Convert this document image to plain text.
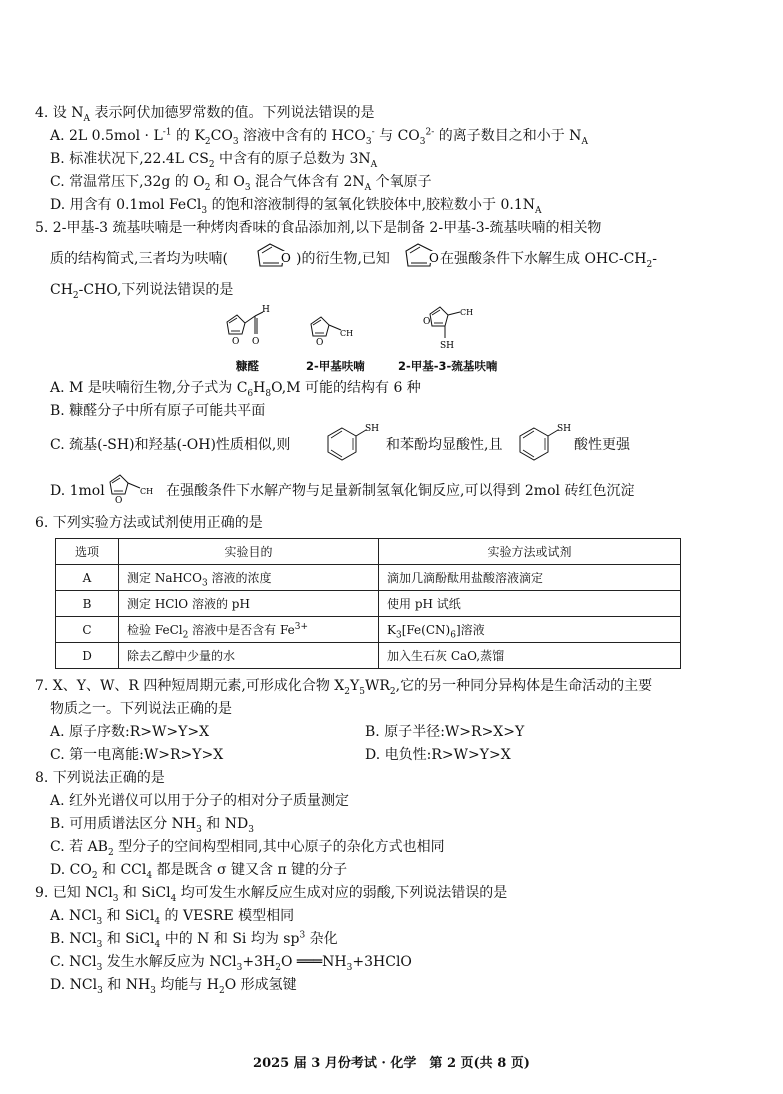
4. 设 $N_A$ 表示阿伏加德罗常数的值。下列说法错误的是
A. 2L $0.5mol \cdot L^{-1}$ 的 $K_2CO_3$ 溶液中含有的 $HCO_3^-$ 与 $CO_3^{2-}$ 的离子数目之和小于 $N_A$
B. 标准状况下,22.4L $CS_2$ 中含有的原子总数为 $3N_A$
C. 常温常压下,32g 的 $O_2$ 和 $O_3$ 混合气体含有 $2N_A$ 个氧原子
D. 用含有 0.1mol FeCl$_3$ 的饱和溶液制得的氢氧化铁胶体中,胶粒数小于 $0.1N_A$
5. 2-甲基-3 巯基呋喃是一种烤肉香味的食品添加剂,以下是制备 2-甲基-3-巯基呋喃的相关物
质的结构简式,三者均为呋喃(	O )的衍生物,已知	O 在强酸条件下水解生成 OHC-$CH_2-$
$CH_2$-CHO,下列说法错误的是
H
O
O
CH
O
CH
SH
O
糠醛	2-甲基呋喃	2-甲基-3-巯基呋喃
A. M 是呋喃衍生物,分子式为 $C_6H_8O,M$ 可能的结构有 6 种
B. 糠醛分子中所有原子可能共平面
C. 巯基(-SH)和羟基(-OH)性质相似,则
SH
和苯酚均显酸性,且
SH
酸性更强
D. 1mol	CH
O
在强酸条件下水解产物与足量新制氢氧化铜反应,可以得到 2mol 砖红色沉淀
6. 下列实验方法或试剂使用正确的是
选项	实验目的	实验方法或试剂
A	测定 NaHCO$_3$ 溶液的浓度	滴加几滴酚酞用盐酸溶液滴定
B	测定 HClO 溶液的 pH	使用 pH 试纸
C	检验 FeCl$_2$ 溶液中是否含有 $Fe^{3+}$	$K_3[Fe(CN)_6]$溶液
D	除去乙醇中少量的水	加入生石灰 CaO,蒸馏
7. X、Y、W、R 四种短周期元素,可形成化合物 $X_2Y_5WR_2$,它的另一种同分异构体是生命活动的主要
物质之一。下列说法正确的是
A. 原子序数:R>W>Y>X	B. 原子半径:W>R>X>Y
C. 第一电离能:W>R>Y>X	D. 电负性:R>W>Y>X
8. 下列说法正确的是
A. 红外光谱仪可以用于分子的相对分子质量测定
B. 可用质谱法区分 $NH_3$ 和 $ND_3$
C. 若 $AB_2$ 型分子的空间构型相同,其中心原子的杂化方式也相同
D. $CO_2$ 和 CCl$_4$ 都是既含 σ 键又含 π 键的分子
9. 已知 NCl$_3$ 和 SiCl$_4$ 均可发生水解反应生成对应的弱酸,下列说法错误的是
A. NCl$_3$ 和 SiCl$_4$ 的 VESRE 模型相同
B. NCl$_3$ 和 SiCl$_4$ 中的 N 和 Si 均为 $sp^3$ 杂化
C. NCl$_3$ 发生水解反应为 $NCl_3+3H_2O$ $═══NH_3+3HClO$
D. NCl$_3$ 和 $NH_3$ 均能与 $H_2O$ 形成氢键
2025 届 3 月份考试 · 化学　第 2 页(共 8 页)
